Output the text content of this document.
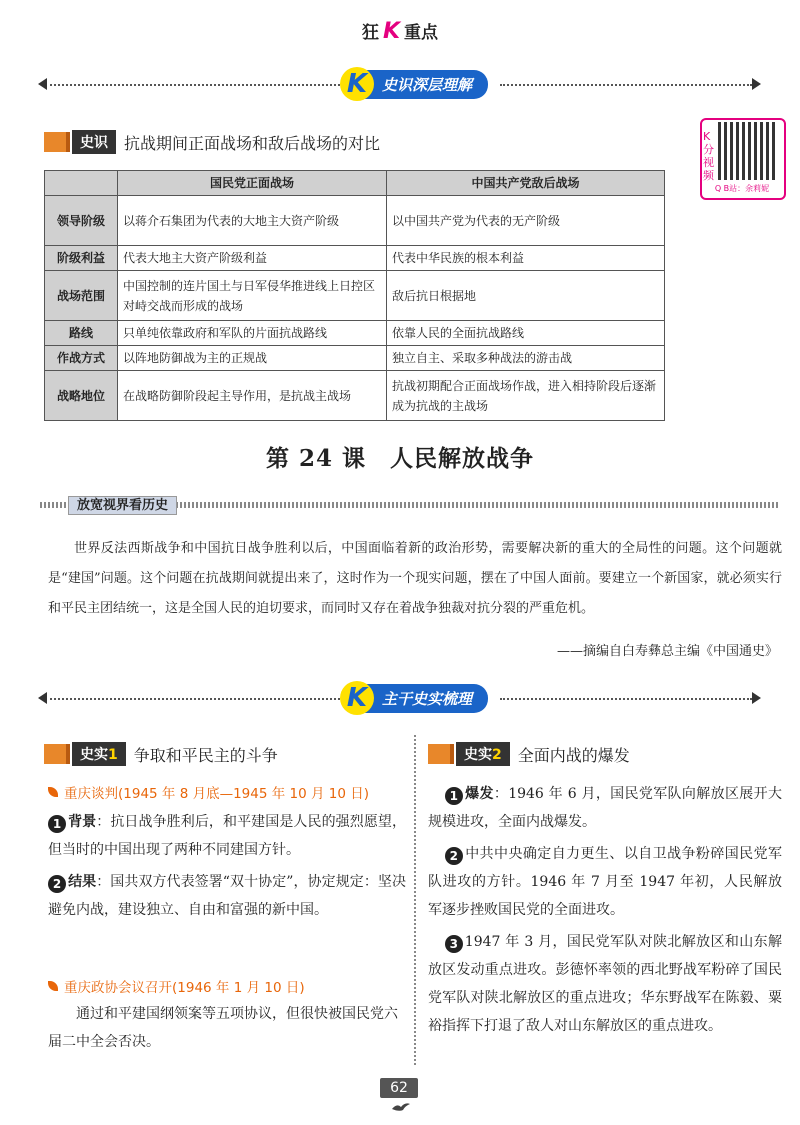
狂 K 重点
K 史识深层理解
史识	抗战期间正面战场和敌后战场的对比	K分视频
Q B站：余莉妮
	国民党正面战场	中国共产党敌后战场
领导阶级	以蒋介石集团为代表的大地主大资产阶级	以中国共产党为代表的无产阶级
阶级利益	代表大地主大资产阶级利益	代表中华民族的根本利益
战场范围	中国控制的连片国土与日军侵华推进线上日控区对峙交战而形成的战场	敌后抗日根据地
路线	只单纯依靠政府和军队的片面抗战路线	依靠人民的全面抗战路线
作战方式	以阵地防御战为主的正规战	独立自主、采取多种战法的游击战
战略地位	在战略防御阶段起主导作用，是抗战主战场	抗战初期配合正面战场作战，进入相持阶段后逐渐成为抗战的主战场
第 24 课　人民解放战争
放宽视界看历史
世界反法西斯战争和中国抗日战争胜利以后，中国面临着新的政治形势，需要解决新的重大的全局性的问题。这个问题就是“建国”问题。这个问题在抗战期间就提出来了，这时作为一个现实问题，摆在了中国人面前。要建立一个新国家，就必须实行和平民主团结统一，这是全国人民的迫切要求，而同时又存在着战争独裁对抗分裂的严重危机。
——摘编自白寿彝总主编《中国通史》
K 主干史实梳理
史实1	争取和平民主的斗争
重庆谈判(1945 年 8 月底—1945 年 10 月 10 日)
1 背景：抗日战争胜利后，和平建国是人民的强烈愿望，但当时的中国出现了两种不同建国方针。
2 结果：国共双方代表签署“双十协定”，协定规定：坚决避免内战，建设独立、自由和富强的新中国。
重庆政协会议召开(1946 年 1 月 10 日)
通过和平建国纲领案等五项协议，但很快被国民党六届二中全会否决。
史实2	全面内战的爆发
1 爆发：1946 年 6 月，国民党军队向解放区展开大规模进攻，全面内战爆发。
2 中共中央确定自力更生、以自卫战争粉碎国民党军队进攻的方针。1946 年 7 月至 1947 年初，人民解放军逐步挫败国民党的全面进攻。
3 1947 年 3 月，国民党军队对陕北解放区和山东解放区发动重点进攻。彭德怀率领的西北野战军粉碎了国民党军队对陕北解放区的重点进攻；华东野战军在陈毅、粟裕指挥下打退了敌人对山东解放区的重点进攻。
62
